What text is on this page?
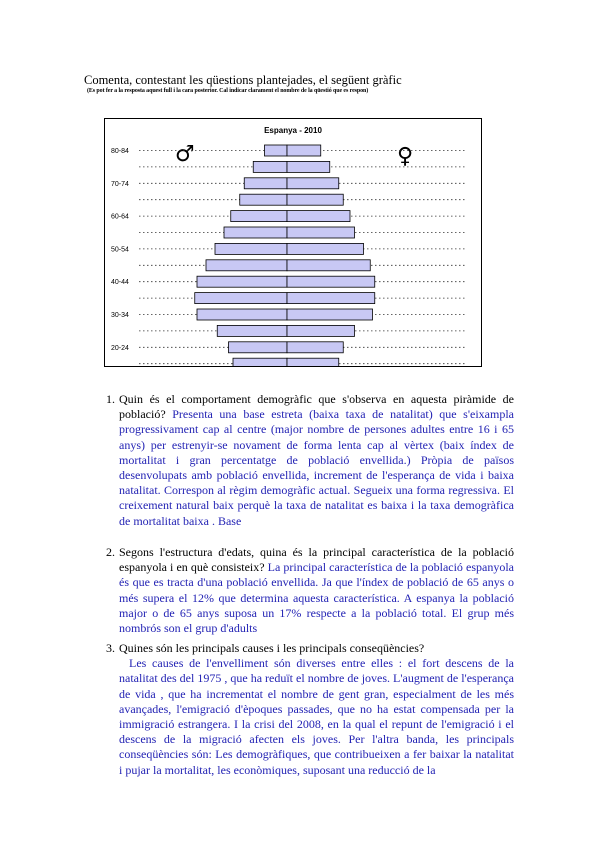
Comenta, contestant les qüestions plantejades, el següent gràfic
(Es pot fer a la resposta aquest full i la cara posterior. Cal indicar clarament el nombre de la qüestió que es respon)
Espanya - 2010
♂	♀
80-84
70-74
60-64
50-54
40-44
30-34
20-24
1. Quin és el comportament demogràfic que s'observa en aquesta piràmide de població? Presenta una base estreta (baixa taxa de natalitat) que s'eixampla progressivament cap al centre (major nombre de persones adultes entre 16 i 65 anys) per estrenyir-se novament de forma lenta cap al vèrtex (baix índex de mortalitat i gran percentatge de població envellida.) Pròpia de països desenvolupats amb població envellida, increment de l'esperança de vida i baixa natalitat. Correspon al règim demogràfic actual. Segueix una forma regressiva. El creixement natural baix perquè la taxa de natalitat es baixa i la taxa demogràfica de mortalitat baixa . Base
2. Segons l'estructura d'edats, quina és la principal característica de la població espanyola i en què consisteix? La principal característica de la població espanyola és que es tracta d'una població envellida. Ja que l'índex de població de 65 anys o més supera el 12% que determina aquesta característica. A espanya la població major o de 65 anys suposa un 17% respecte a la població total. El grup més nombrós son el grup d'adults
3. Quines són les principals causes i les principals conseqüències?
Les causes de l'envelliment són diverses entre elles : el fort descens de la natalitat des del 1975 , que ha reduït el nombre de joves. L'augment de l'esperança de vida , que ha incrementat el nombre de gent gran, especialment de les més avançades, l'emigració d'èpoques passades, que no ha estat compensada per la immigració estrangera. I la crisi del 2008, en la qual el repunt de l'emigració i el descens de la migració afecten els joves. Per l'altra banda, les principals conseqüències són: Les demogràfiques, que contribueixen a fer baixar la natalitat i pujar la mortalitat, les econòmiques, suposant una reducció de la
